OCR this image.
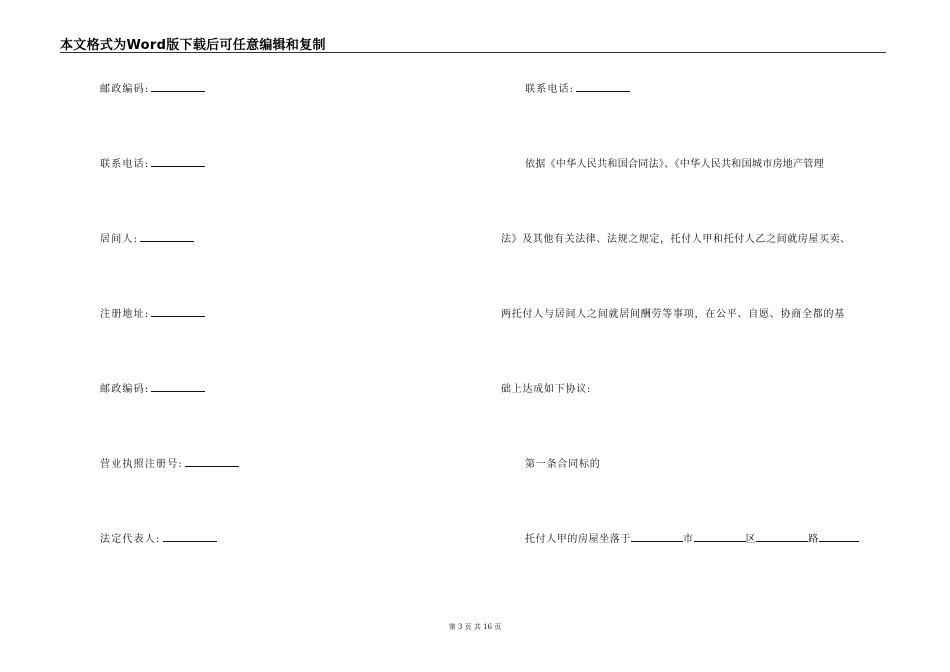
本文格式为Word版下载后可任意编辑和复制
邮政编码:
联系电话:
居间人:
注册地址:
邮政编码:
营业执照注册号:
法定代表人:
联系电话:
依据《中华人民共和国合同法》、《中华人民共和国城市房地产管理
法》及其他有关法律、法规之规定，托付人甲和托付人乙之间就房屋买卖、
两托付人与居间人之间就居间酬劳等事项，在公平、自愿、协商全都的基
础上达成如下协议:
第一条合同标的
托付人甲的房屋坐落于	市	区	路
第 3 页 共 16 页
